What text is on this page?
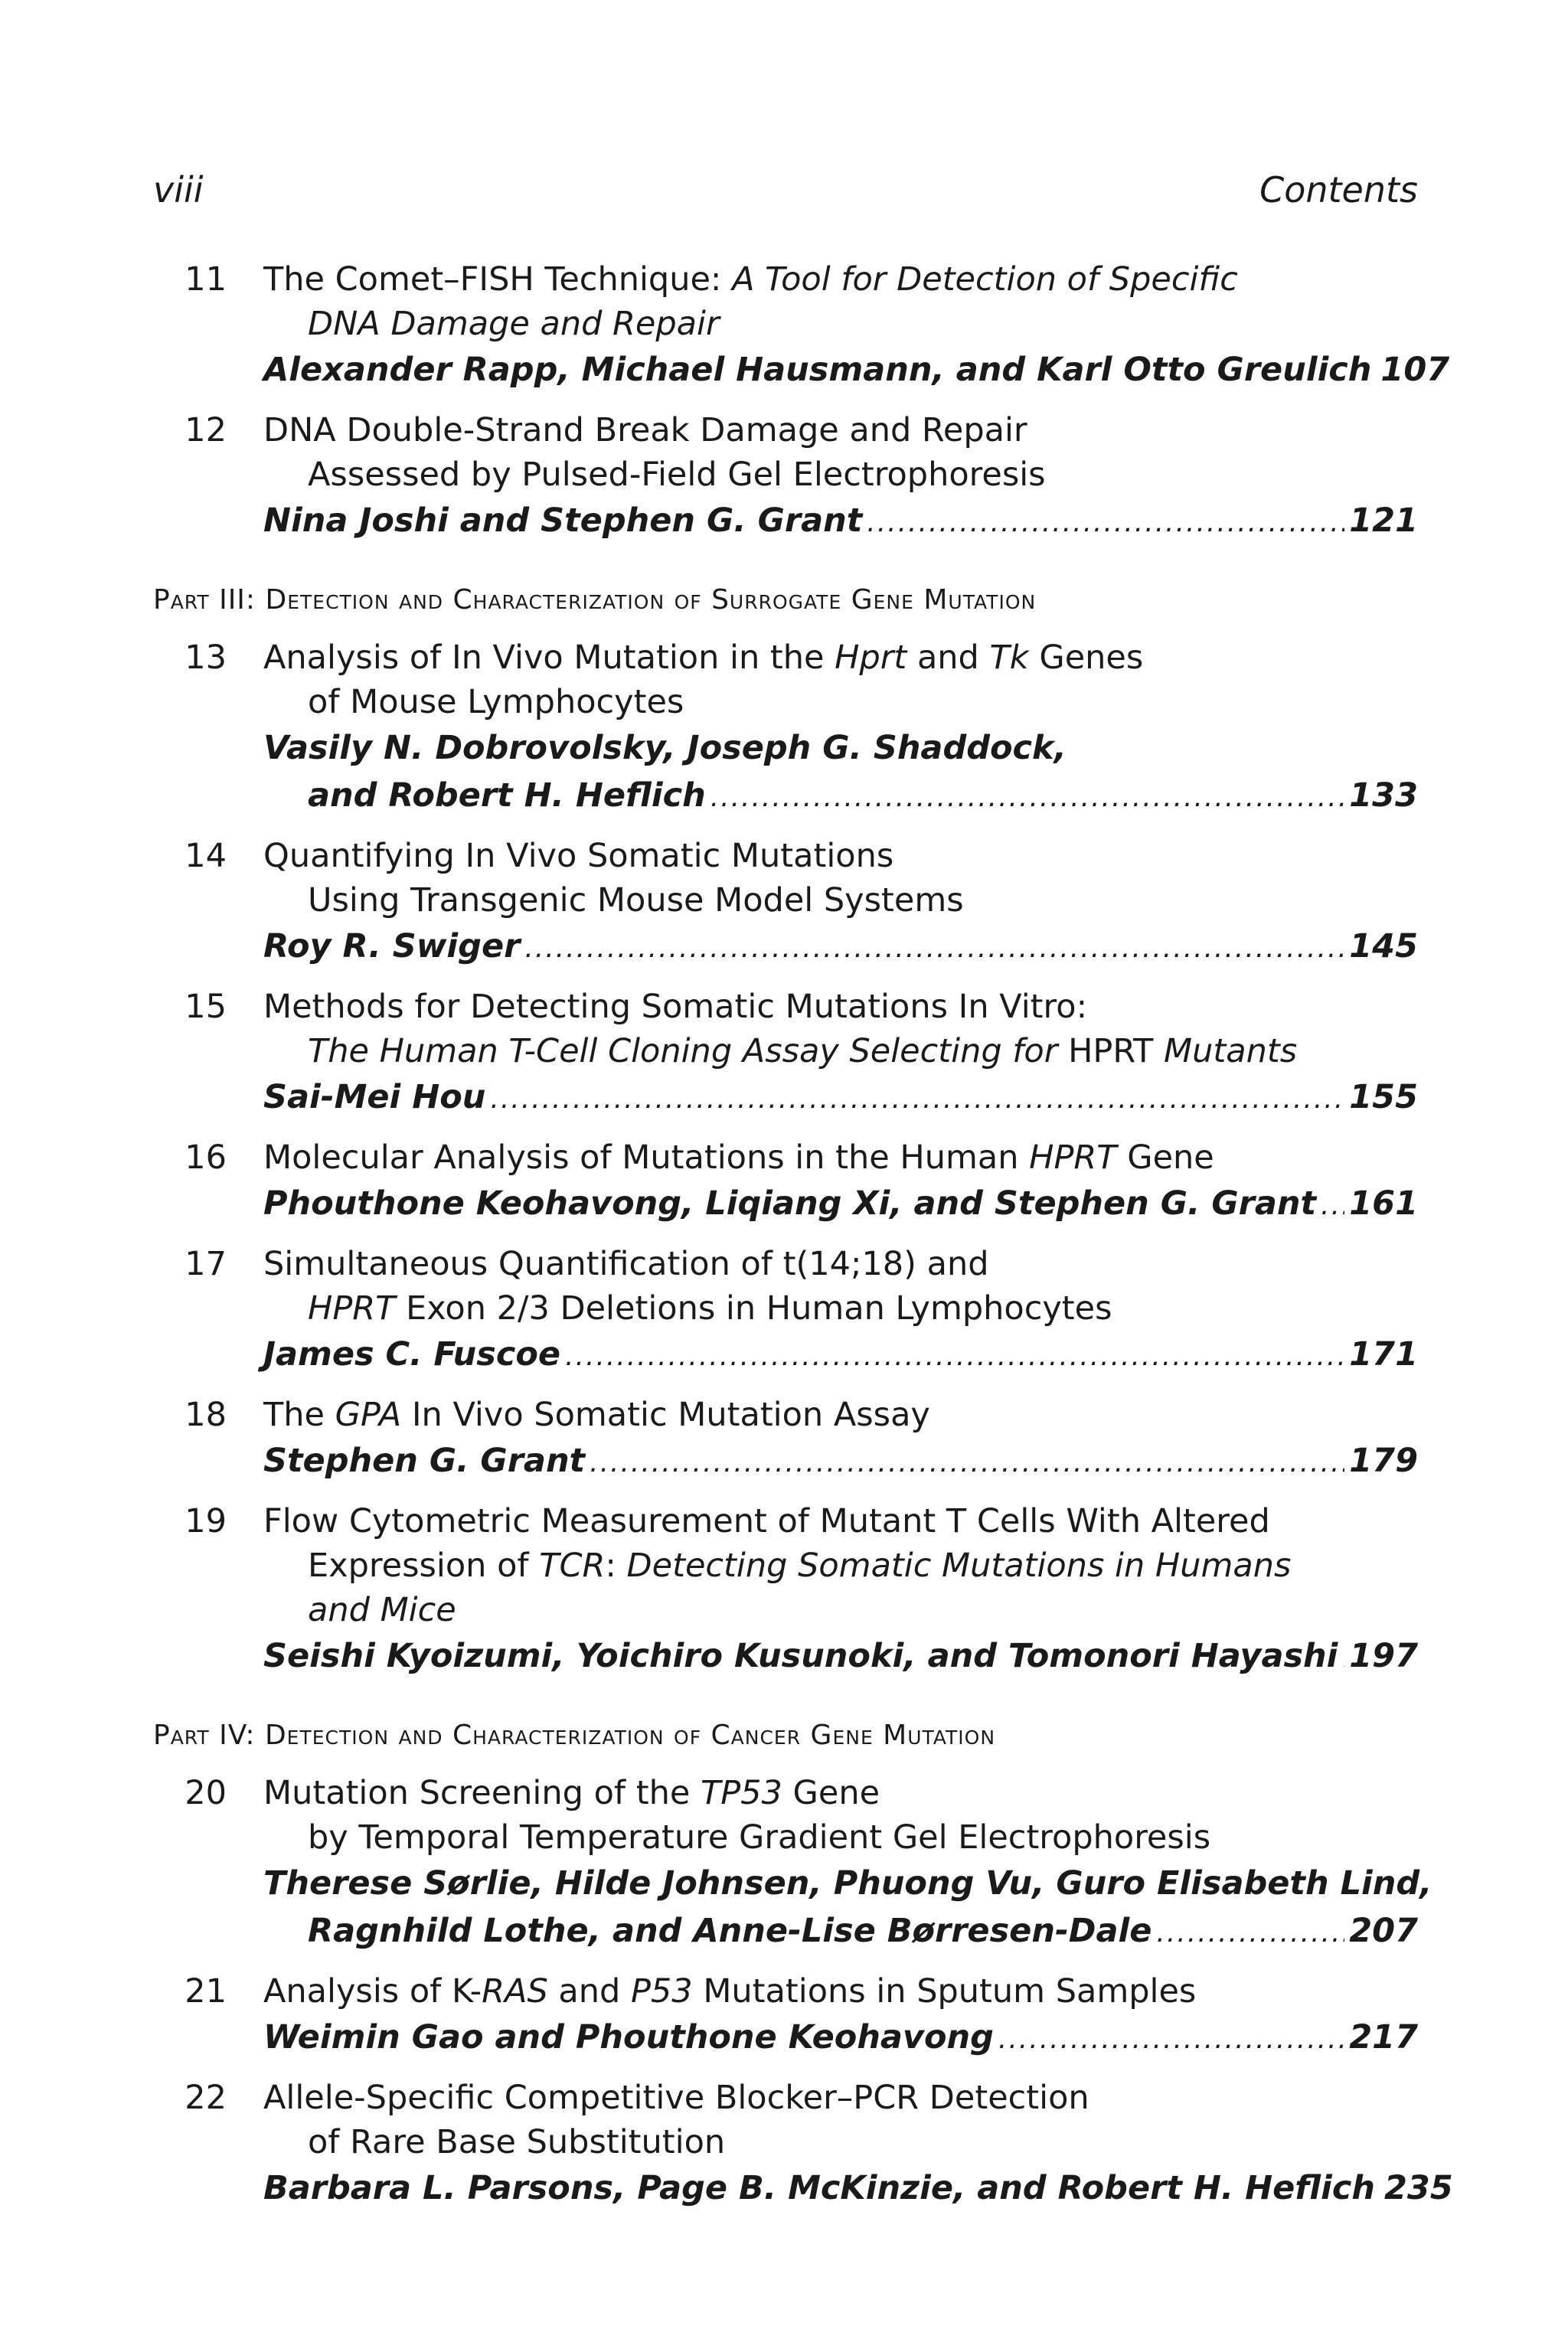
viii	Contents
11 The Comet–FISH Technique: A Tool for Detection of Specific
DNA Damage and Repair
Alexander Rapp, Michael Hausmann, and Karl Otto Greulich 107
12 DNA Double-Strand Break Damage and Repair
Assessed by Pulsed-Field Gel Electrophoresis
Nina Joshi and Stephen G. Grant .....	121
Part III: Detection and Characterization of Surrogate Gene Mutation
13 Analysis of In Vivo Mutation in the Hprt and Tk Genes
of Mouse Lymphocytes
Vasily N. Dobrovolsky, Joseph G. Shaddock,
and Robert H. Heflich .....	133
14 Quantifying In Vivo Somatic Mutations
Using Transgenic Mouse Model Systems
Roy R. Swiger .....	145
15 Methods for Detecting Somatic Mutations In Vitro:
The Human T-Cell Cloning Assay Selecting for HPRT Mutants
Sai-Mei Hou .....	155
16 Molecular Analysis of Mutations in the Human HPRT Gene
Phouthone Keohavong, Liqiang Xi, and Stephen G. Grant ..... 161
17 Simultaneous Quantification of t(14;18) and
HPRT Exon 2/3 Deletions in Human Lymphocytes
James C. Fuscoe .....	171
18 The GPA In Vivo Somatic Mutation Assay
Stephen G. Grant .....	179
19 Flow Cytometric Measurement of Mutant T Cells With Altered
Expression of TCR: Detecting Somatic Mutations in Humans
and Mice
Seishi Kyoizumi, Yoichiro Kusunoki, and Tomonori Hayashi ..... 197
Part IV: Detection and Characterization of Cancer Gene Mutation
20 Mutation Screening of the TP53 Gene
by Temporal Temperature Gradient Gel Electrophoresis
Therese Sørlie, Hilde Johnsen, Phuong Vu, Guro Elisabeth Lind,
Ragnhild Lothe, and Anne-Lise Børresen-Dale .....	207
21 Analysis of K-RAS and P53 Mutations in Sputum Samples
Weimin Gao and Phouthone Keohavong .....	217
22 Allele-Specific Competitive Blocker–PCR Detection
of Rare Base Substitution
Barbara L. Parsons, Page B. McKinzie, and Robert H. Heflich 235
